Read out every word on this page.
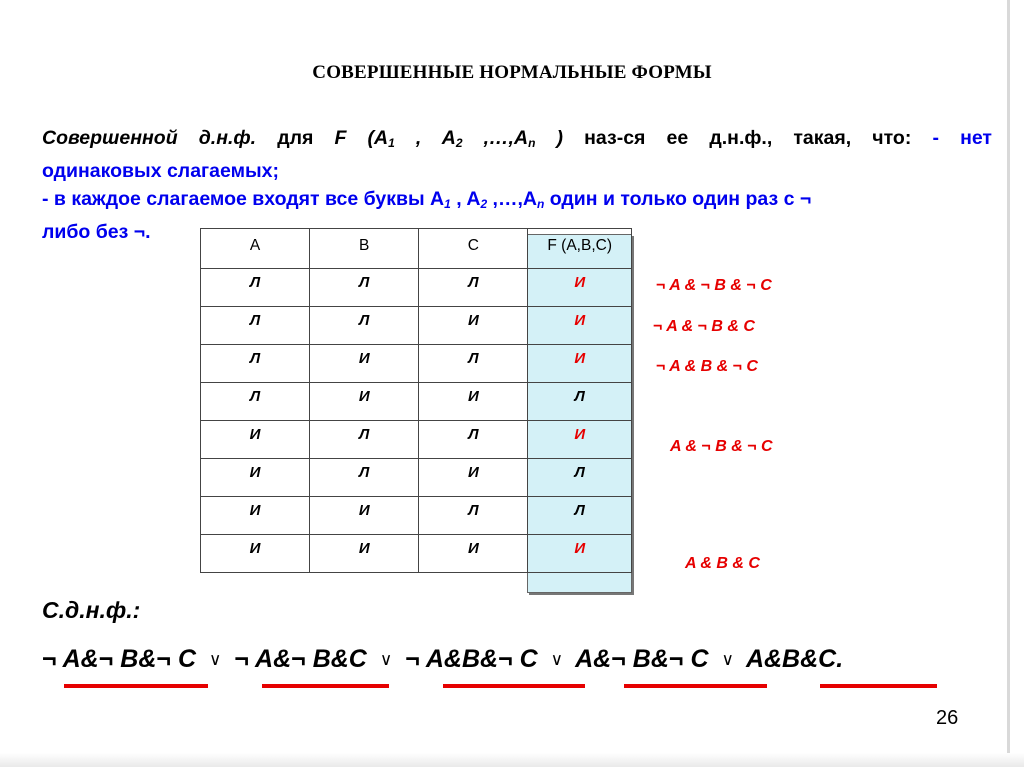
СОВЕРШЕННЫЕ НОРМАЛЬНЫЕ ФОРМЫ
Совершенной д.н.ф. для F ($A_1$ , $A_2$ $,\dots,A_n$ ) наз-ся ее д.н.ф., такая, что: - нет
одинаковых слагаемых;
- в каждое слагаемое входят все буквы $A_1$ , $A_2$ $,\dots,A_n$ один и только один раз с ¬
либо без ¬.
A	B	C	F (A,B,C)
Л	Л	Л	И
Л	Л	И	И
Л	И	Л	И
Л	И	И	Л
И	Л	Л	И
И	Л	И	Л
И	И	Л	Л
И	И	И	И
¬ A & ¬ B & ¬ C
¬ A & ¬ B & C
¬ A & B & ¬ C
A & ¬ B & ¬ C
A & B & C
С.д.н.ф.:
¬ A&¬ B&¬ C ∨ ¬ A&¬ B&C ∨ ¬ A&B&¬ C ∨ A&¬ B&¬ C ∨ A&B&C.
26
